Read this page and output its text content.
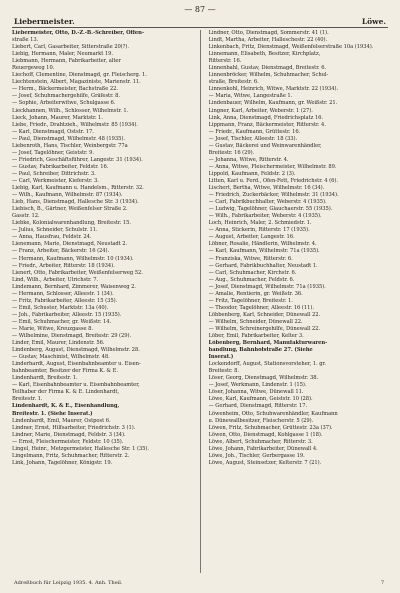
— 87 —
Liebermeister.	Löwe.
Liebermeister, Otto, D.-Z.-B.-Schreiber, Offen-
straße 13.
Liebert, Carl, Gasarbeiter, Sitterstraße 20(?).
Liebig, Hermann, Maler, Neumarkt 19.
Liebmann, Hermann, Fabrikarbeiter, alter
Reuergeweg 10.
Liechoff, Clementine, Dienstmagd, gr. Fleischerg. 1.
Liechtenstein, Albert, Magaziniste, Marienstr. 11.
— Herm., Bäckermeister, Bachstraße 22.
— Josef, Schuhmachergehilfe, Gräfestr. 8.
— Sophie, Arbeiterwitwe, Schulgasse 6.
Lieckhannen, Wilh., Schlosser, Wilhelmstr. 1.
Lieck, Johann, Maurer, Marktstr. 1.
Liebe, Friedr., Drahtzieh., Wilhelmstr. 85 (1934).
— Karl, Dienstmagd, Oststr. 17.
— Paul, Dienstmagd, Wilhelmstr. 48 (1935).
Liebenroth, Hans, Tischler, Weinbergstr. 77a
— Josef, Tagelöhner, Geiststr. 9.
— Friedrich, Geschäftsführer, Langestr. 31 (1934).
— Gustav, Fabrikarbeiter, Feldstr. 16.
— Paul, Schreiber, Dittrichstr. 3.
— Carl, Werkmeister, Kieferstr. 3.
Liebig, Karl, Kaufmann u. Handelsm., Ritterstr. 32.
— Wilh., Kaufmann, Wilhelmstr. 87 (1934).
Lieb, Hans, Dienstmagd, Hallesche Str. 3 (1934).
Liebisch, B., Gärtner, Weißenfelser Straße 2.
Gasstr. 12.
Liebke, Kolonialwarenhandlung, Breitestr. 15.
— Julius, Schneider, Schulstr. 11.
— Anna, Hausfrau, Feldstr. 24.
Lienemann, Marie, Dienstmagd, Neustadt 2.
— Franz, Arbeiter, Bäckerstr. 16 (24).
— Hermann, Kaufmann, Wilhelmstr. 10 (1934).
— Friedr., Arbeiter, Ritterstr. 18 (1934).
Lienert, Otto, Fabrikarbeiter, Weißenfelserweg 52.
Lind, Wilh., Arbeiter, Ulrichstr. 7.
Lindemann, Bernhard, Zimmerer, Waisenweg 2.
— Hermann, Schlosser, Alleestr. 1 (34).
— Fritz, Fabrikarbeiter, Alleestr. 15 (35).
— Emil, Schuster, Marktstr. 13a (40).
— Joh., Fabrikarbeiter, Alleestr. 15 (1935).
— Emil, Schuhmacher, gr. Weißstr. 14.
— Marie, Witwe, Kreuzgasse 8.
— Wilhelmine, Dienstmagd, Breitestr. 29 (29).
Linder, Emil, Maurer, Lindenstr. 56.
Lindenberg, August, Dienstmagd, Wilhelmstr. 28.
— Gustav, Maschinist, Wilhelmstr. 48.
Linderhardt, August, Eisenbahnbeamter u. Eisen-
bahnbeamter, Besitzer der Firma K. & E.
Lindenhardt, Breitestr. 1.
— Karl, Eisenbahnbeamter u. Eisenbahnbeamter,
Teilhaber der Firma K. & E. Lindenhardt,
Breitestr. 1.
Lindenhardt, K. & E., Eisenhandlung,
Breitestr. 1. (Siehe Inserat.)
Lindenhardt, Emil, Maurer, Ostpost 6.
Lindner, Ernst, Hilfsarbeiter, Friedrichstr. 3 (1).
Lindner, Marie, Dienstmagd, Feldstr. 3 (34).
— Ernst, Fleischermeister, Feldstr. 10 (35).
Lingel, Heinr., Metzgermeister, Hallesche Str. 1 (35).
Lingelmann, Fritz, Schuhmacher, Ritterstr. 2.
Link, Johann, Tagelöhner, Königstr. 19.
Lindner, Otto, Dienstmagd, Sommerstr. 41 (1).
Lindt, Martha, Arbeiter, Halleschestr. 22 (40).
Linkenbach, Fritz, Dienstmagd, Weißenfelserstraße 10a (1934).
Linnemann, Elisabeth, Besitzer, Kirchplatz,
Ritterstr. 16.
Linnenbahl, Gustav, Dienstmagd, Breitestr. 6.
Linnenbröcker, Wilhelm, Schuhmacher, Schul-
straße, Breitestr. 6.
Linnenkohl, Heinrich, Witwe, Marktstr. 22 (1934).
— Maria, Witwe, Langestraße 1.
Lindenbauer, Wilhelm, Kaufmann, gr. Weißstr. 21.
Lingner, Karl, Arbeiter, Weberstr. 1 (27).
Link, Anna, Dienstmagd, Friedrichsplatz 16.
Lippmann, Franz, Bäckermeister, Ritterstr. 4.
— Friedr., Kaufmann, Grüttestr. 16.
— Josef, Tischler, Alleestr. 18 (33).
— Gustav, Bäckerei und Weinwarenhändler,
Breitestr. 16 (29).
— Johanna, Witwe, Ritterstr. 4.
— Anna, Witwe, Fleischermeister, Wilhelmstr. 89.
Lippold, Kaufmann, Feldstr. 2 (3).
Litten, Karl u. Ferd., Ofen-Fett, Friedrichstr. 4 (6).
Lischert, Bertha, Witwe, Wilhelmstr. 16 (34).
— Friedrich, Zuckerbäcker, Wilhelmstr. 31 (1934).
— Carl, Fabrikbuchhalter, Weberstr. 4 (1935).
— Ludwig, Tagelöhner, Glauchaerstr. 55 (1935).
— Wilh., Fabrikarbeiter, Weberstr. 4 (1935).
Loch, Heinrich, Maler, 2. Schmiedstr. 1.
— Anna, Stickerin, Ritterstr. 17 (1935).
— August, Arbeiter, Langestr. 16.
Löbner, Rosalie, Händlerin, Wilhelmstr. 4.
— Karl, Kaufmann, Wilhelmstr. 71a (1935).
— Franziska, Witwe, Ritterstr. 6.
— Gerhard, Fabrikbuchhalter, Neustadt 1.
— Carl, Schuhmacher, Kirchstr. 6.
— Aug., Schuhmacher, Feldstr. 6.
— Josef, Dienstmagd, Wilhelmstr. 71a (1935).
— Amalie, Rentierin, gr. Weißstr. 36.
— Fritz, Tagelöhner, Breitestr. 1.
— Theodor, Tagelöhner, Alleestr. 16 (11).
Löbbenberg, Karl, Schneider, Dünewall 22.
— Wilhelm, Schneider, Dünewall 22.
— Wilhelm, Schreinergehilfe, Dünewall 22.
Löber, Emil, Fabrikarbeiter, Kelter 3.
Löbenberg, Bernhard, Manufakturwaren-
handlung, Bahnhofstraße 27. (Siehe
Inserat.)
Lockendorff, August, Stationsvorsteher, 1. gr.
Breitestr. 8.
Löser, Georg, Dienstmagd, Wilhelmstr. 38.
— Josef, Werkmann, Lindenstr. 1 (15).
Löser, Johanna, Witwe, Dünewall 11.
Löwe, Karl, Kaufmann, Geiststr. 10 (28).
— Gerhard, Dienstmagd, Ritterstr. 17.
Löwenheim, Otto, Schuhwarenhändler, Kaufmann
u. Dünewallbesitzer, Fleischerstr. 5 (29).
Löwen, Fritz, Schuhmacher, Grüttestr. 23a (37).
Löwen, Otto, Dienstmagd, Kohlgasse 1 (18).
Löwe, Albert, Schuhmacher, Ritterstr. 3.
Löwe, Johann, Fabrikarbeiter, Dünewall 4.
Löwe, Joh., Tischler, Gerbergasse 19.
Löwe, August, Steinsetzer, Kelterstr. 7 (21).
Adreßbuch für Leipzig 1935. 4. Anh. Theil.	7
